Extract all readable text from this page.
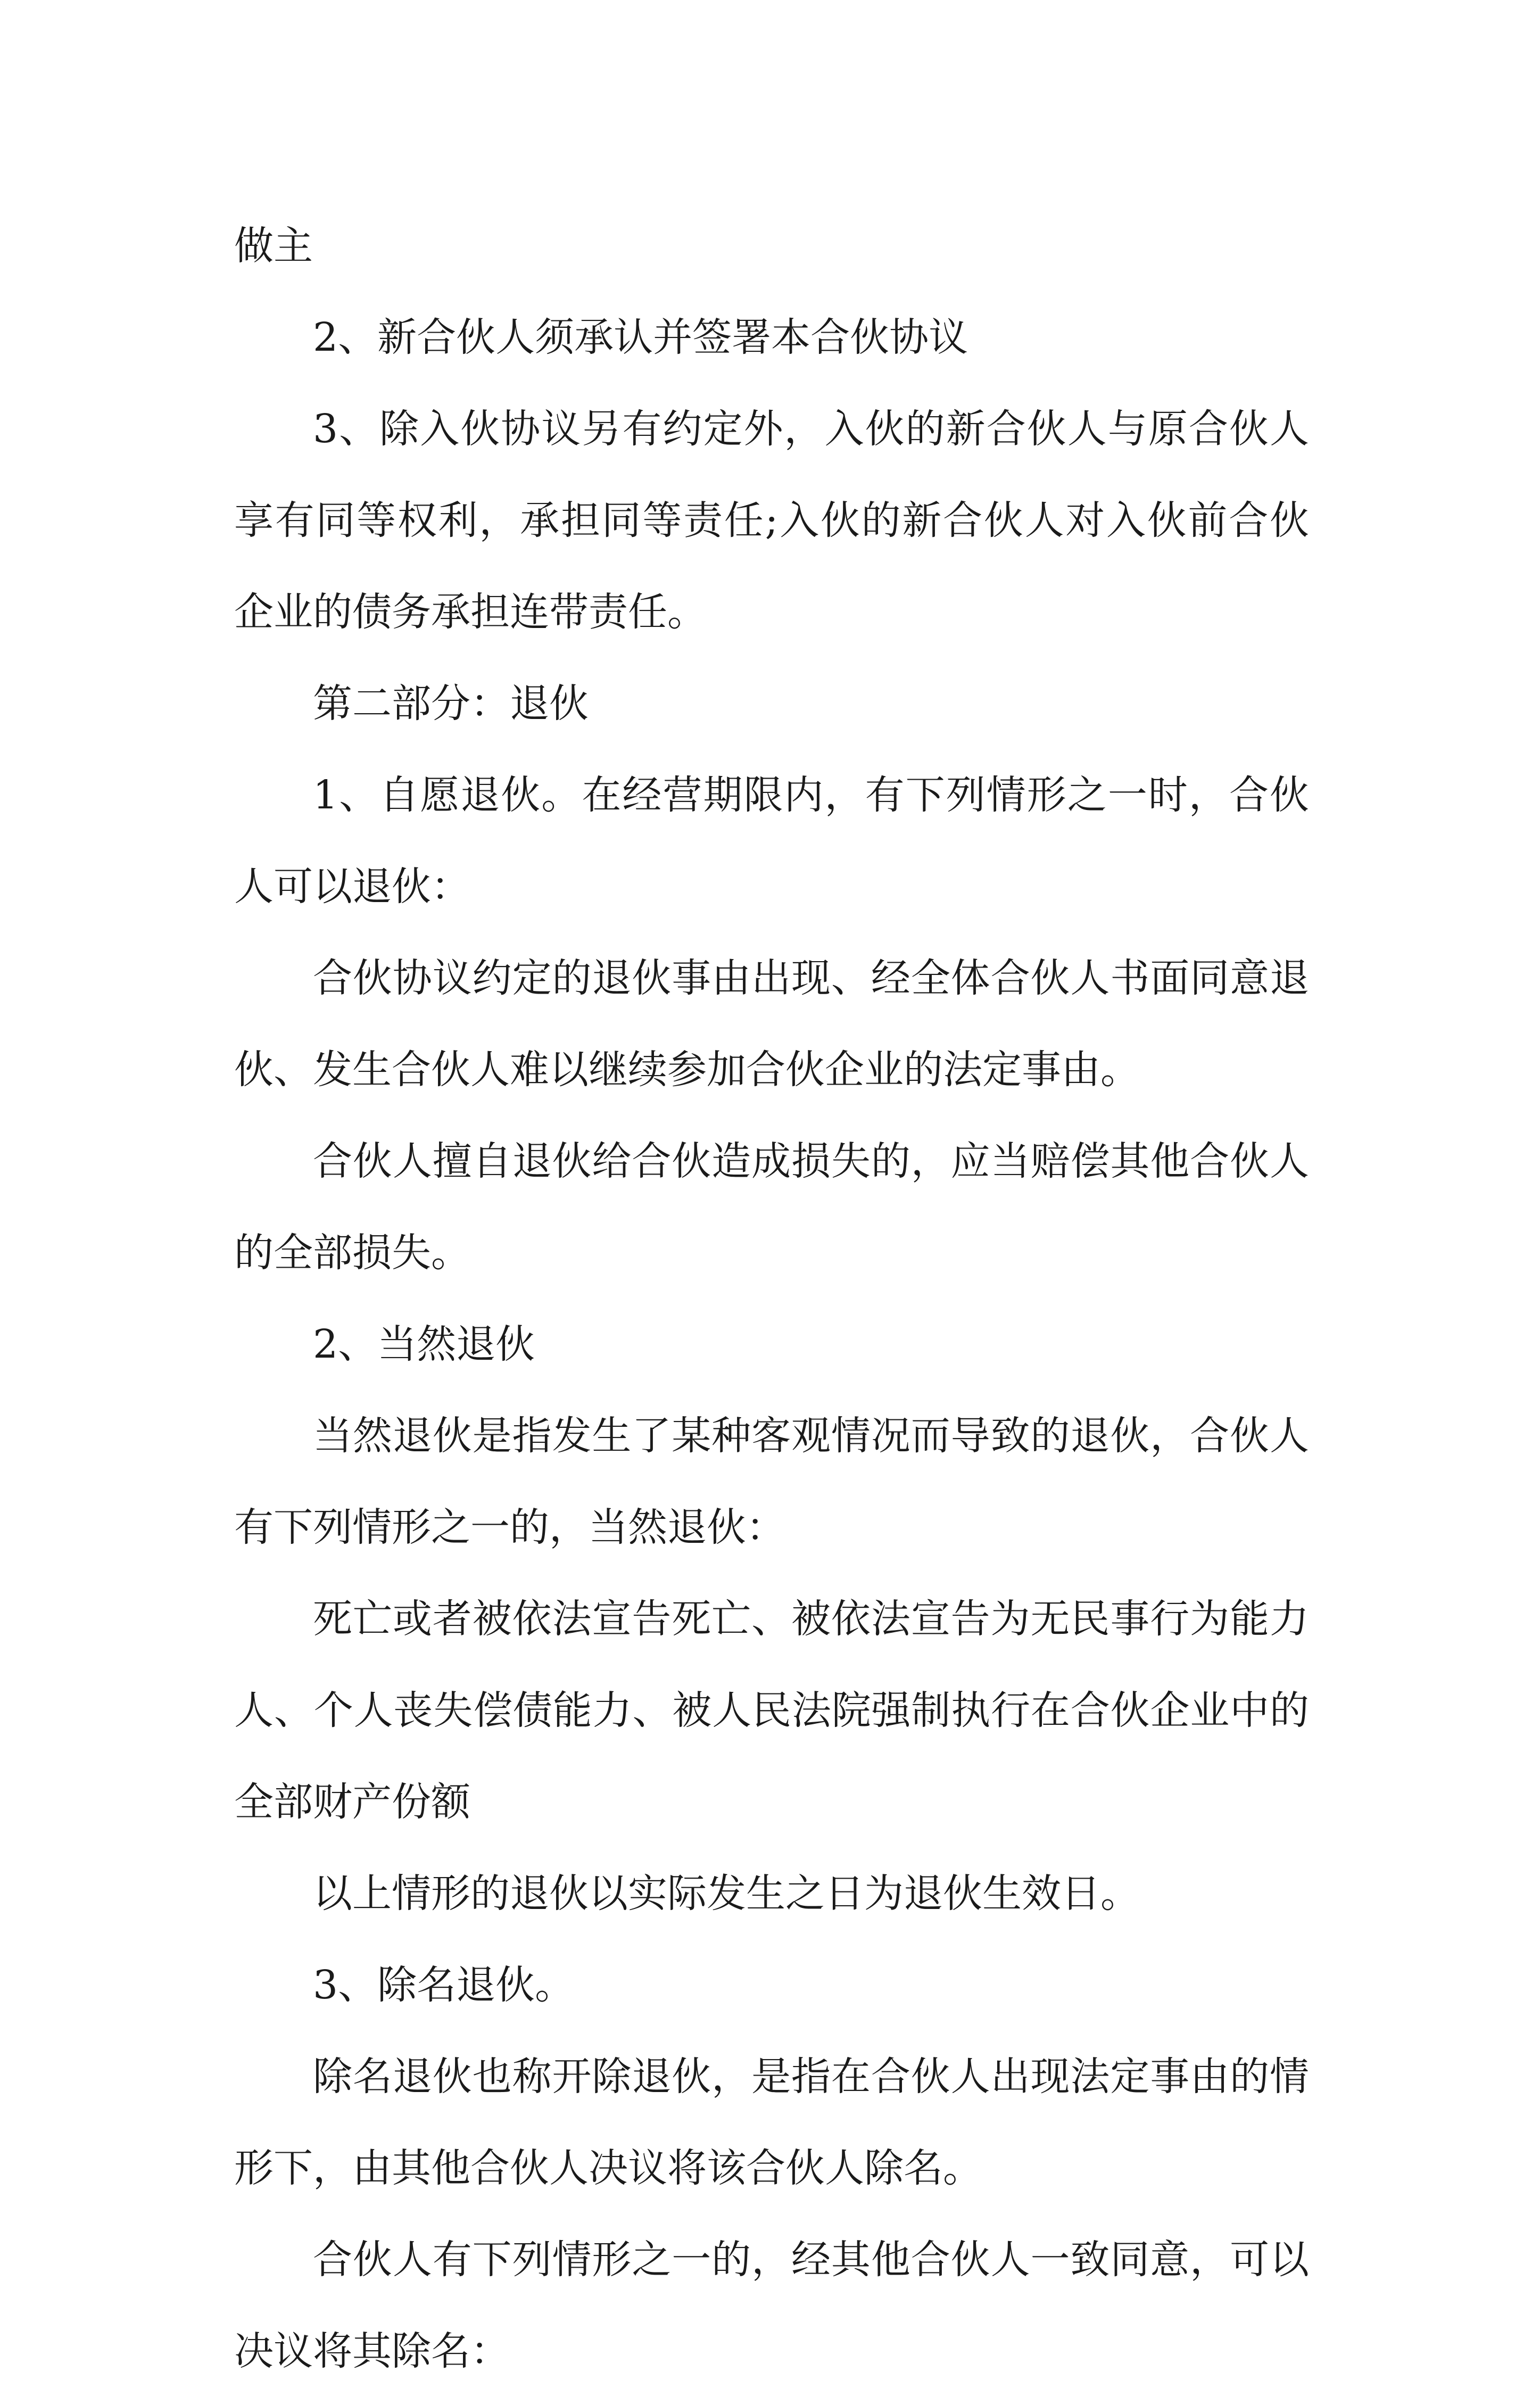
做主

2、新合伙人须承认并签署本合伙协议

3、除入伙协议另有约定外，入伙的新合伙人与原合伙人享有同等权利，承担同等责任;入伙的新合伙人对入伙前合伙企业的债务承担连带责任。

第二部分：退伙

1、自愿退伙。在经营期限内，有下列情形之一时，合伙人可以退伙：

合伙协议约定的退伙事由出现、经全体合伙人书面同意退伙、发生合伙人难以继续参加合伙企业的法定事由。

合伙人擅自退伙给合伙造成损失的，应当赔偿其他合伙人的全部损失。

2、当然退伙

当然退伙是指发生了某种客观情况而导致的退伙，合伙人有下列情形之一的，当然退伙：

死亡或者被依法宣告死亡、被依法宣告为无民事行为能力人、个人丧失偿债能力、被人民法院强制执行在合伙企业中的全部财产份额

以上情形的退伙以实际发生之日为退伙生效日。

3、除名退伙。

除名退伙也称开除退伙，是指在合伙人出现法定事由的情形下，由其他合伙人决议将该合伙人除名。

合伙人有下列情形之一的，经其他合伙人一致同意，可以决议将其除名：
